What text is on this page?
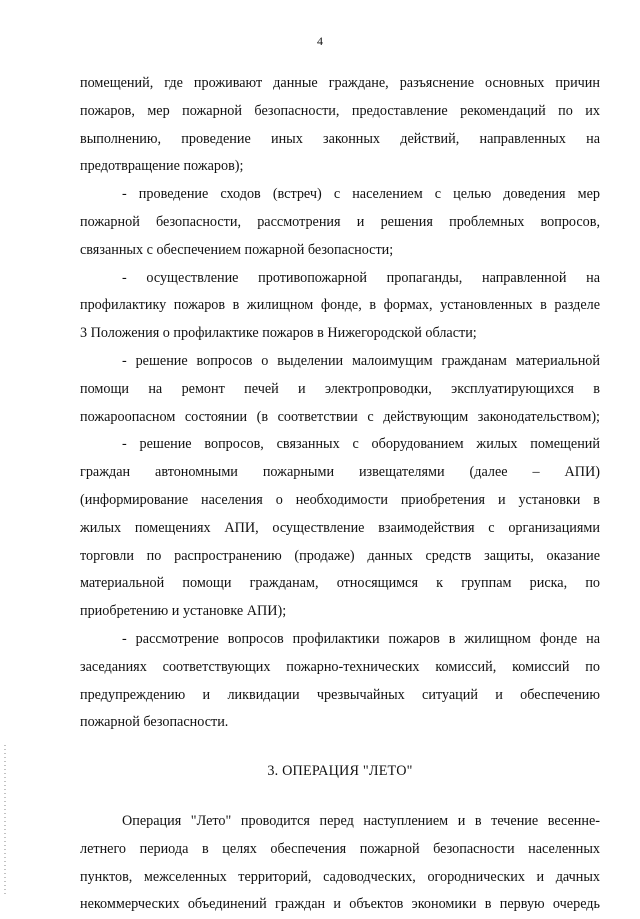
4

помещений, где проживают данные граждане, разъяснение основных причин
пожаров, мер пожарной безопасности, предоставление рекомендаций по их
выполнению, проведение иных законных действий, направленных на
предотвращение пожаров);

- проведение сходов (встреч) с населением с целью доведения мер
пожарной безопасности, рассмотрения и решения проблемных вопросов,
связанных с обеспечением пожарной безопасности;

- осуществление противопожарной пропаганды, направленной на
профилактику пожаров в жилищном фонде, в формах, установленных в разделе
3 Положения о профилактике пожаров в Нижегородской области;

- решение вопросов о выделении малоимущим гражданам материальной
помощи на ремонт печей и электропроводки, эксплуатирующихся в
пожароопасном состоянии (в соответствии с действующим законодательством);

- решение вопросов, связанных с оборудованием жилых помещений
граждан автономными пожарными извещателями (далее – АПИ)
(информирование населения о необходимости приобретения и установки в
жилых помещениях АПИ, осуществление взаимодействия с организациями
торговли по распространению (продаже) данных средств защиты, оказание
материальной помощи гражданам, относящимся к группам риска, по
приобретению и установке АПИ);

- рассмотрение вопросов профилактики пожаров в жилищном фонде на
заседаниях соответствующих пожарно-технических комиссий, комиссий по
предупреждению и ликвидации чрезвычайных ситуаций и обеспечению
пожарной безопасности.

3. ОПЕРАЦИЯ "ЛЕТО"

Операция "Лето" проводится перед наступлением и в течение весенне-
летнего периода в целях обеспечения пожарной безопасности населенных
пунктов, межселенных территорий, садоводческих, огороднических и дачных
некоммерческих объединений граждан и объектов экономики в первую очередь
